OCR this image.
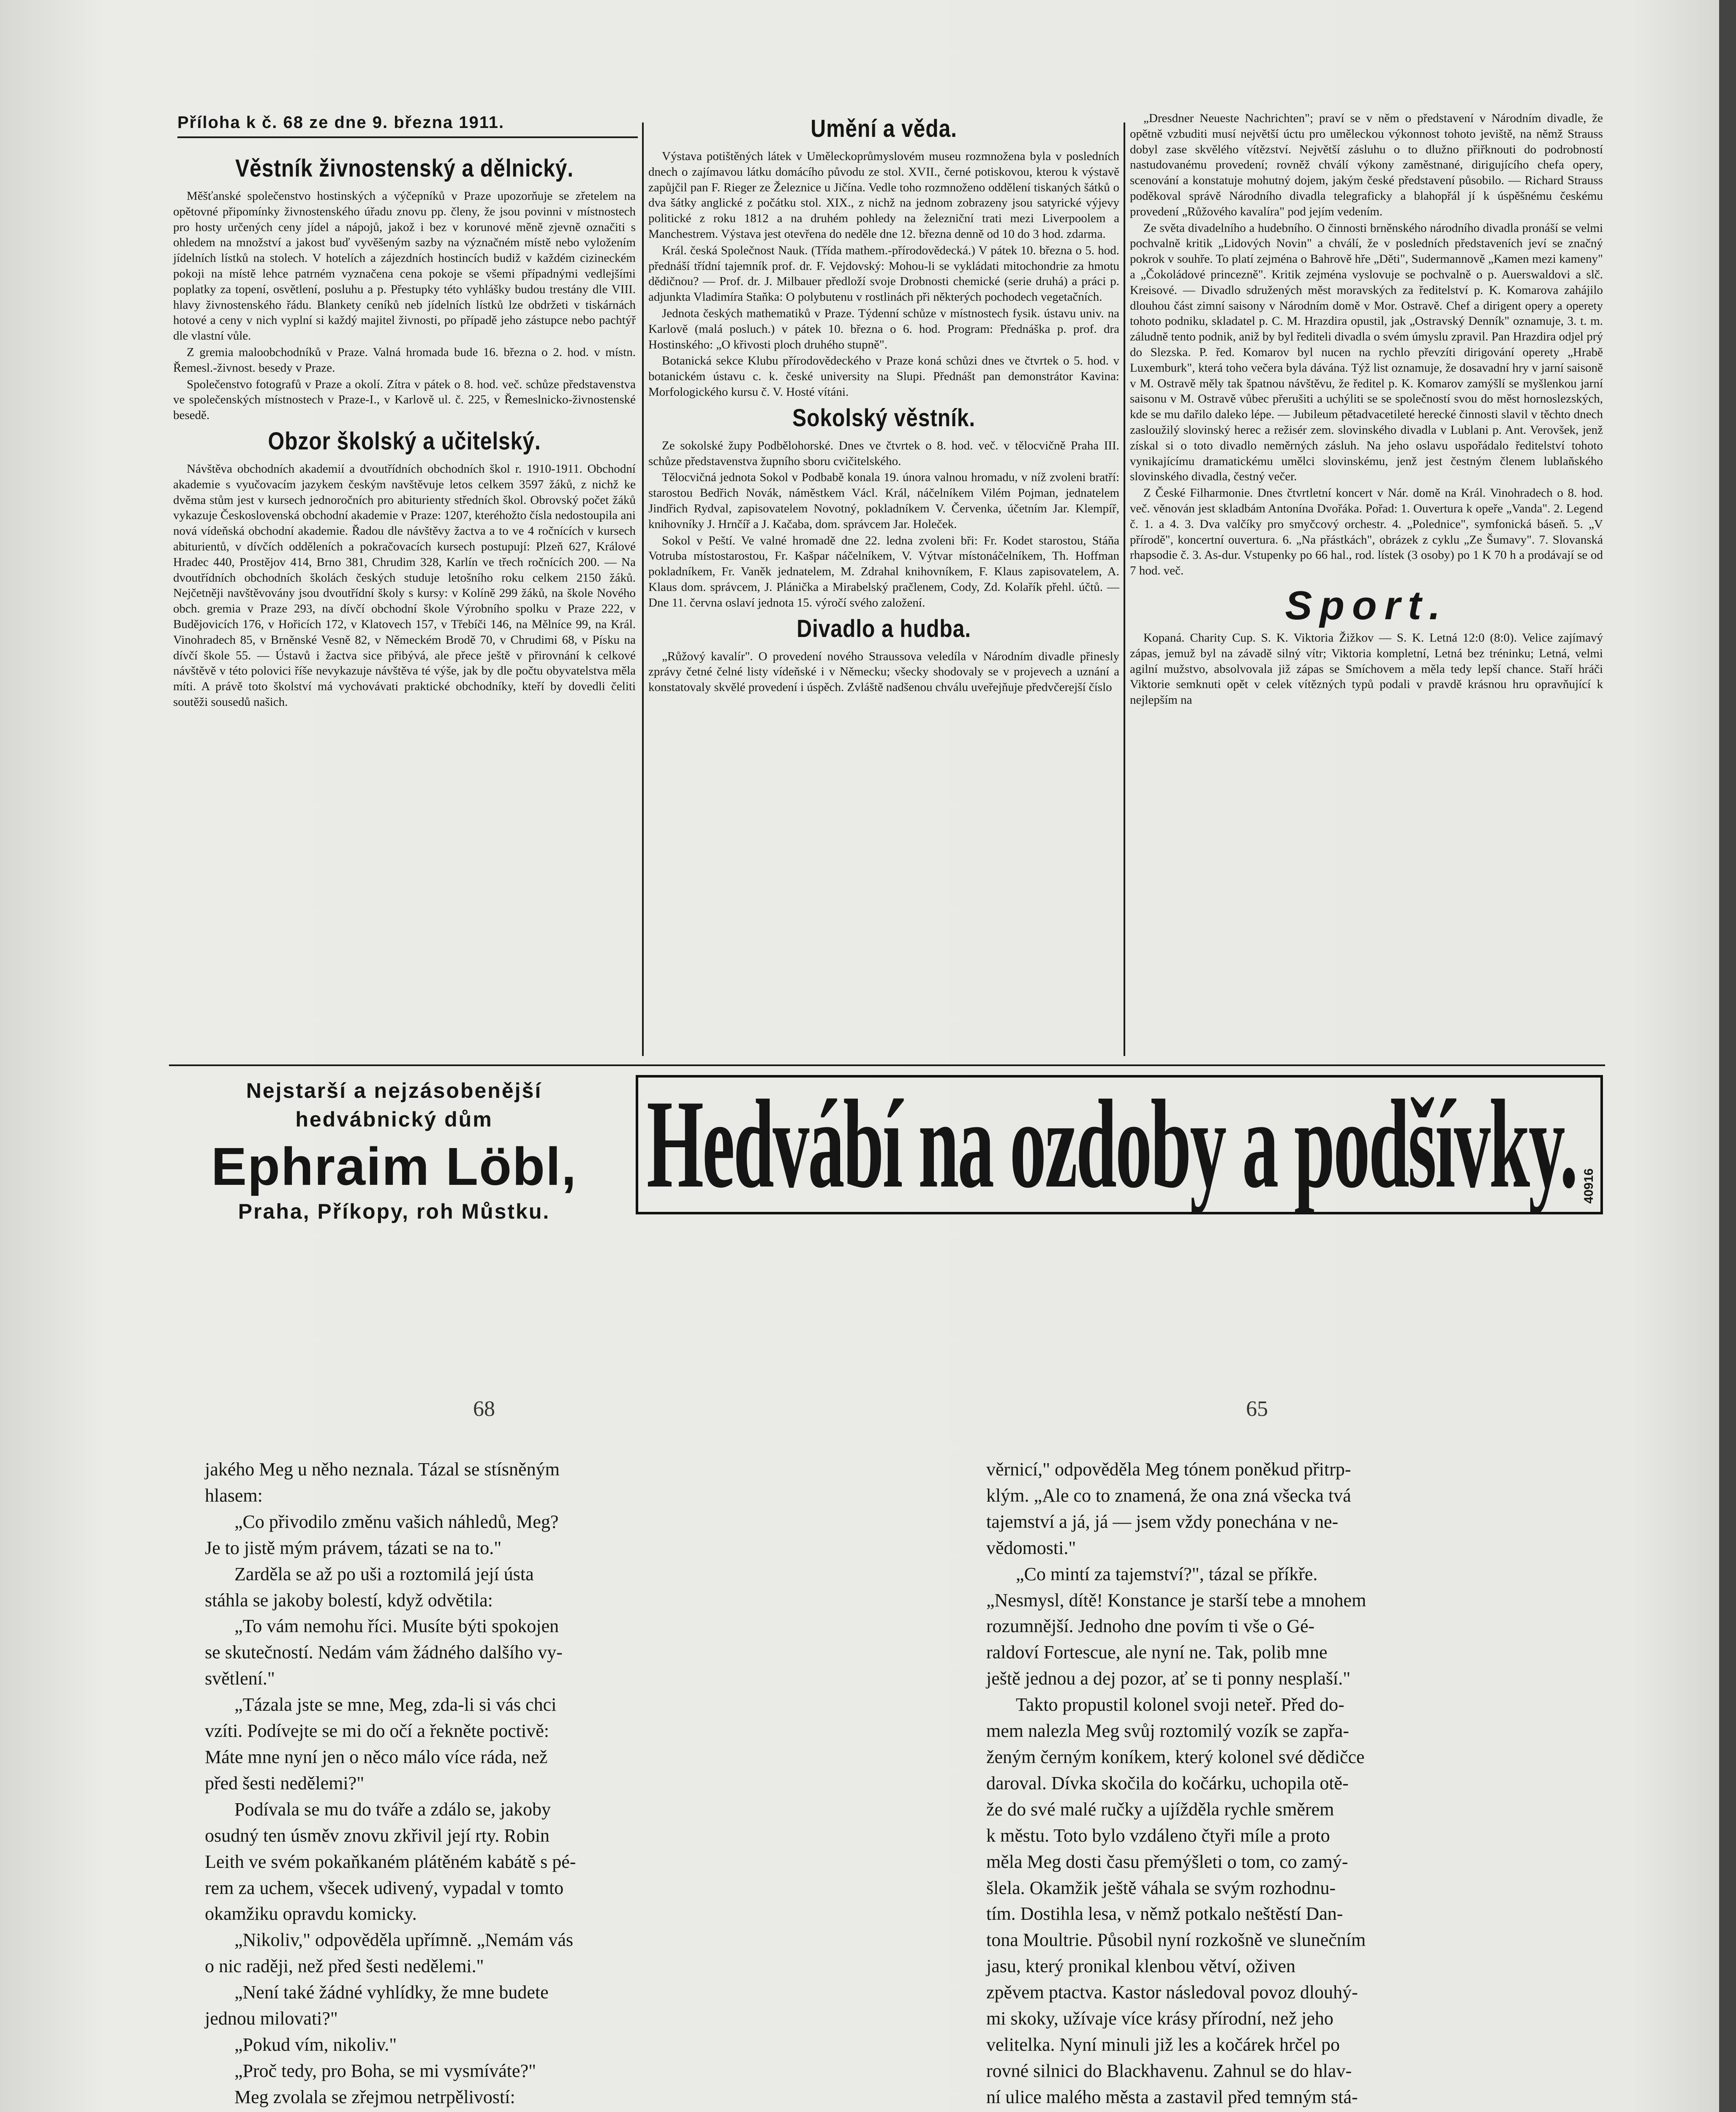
Příloha k č. 68 ze dne 9. března 1911.
Věstník živnostenský a dělnický.

Měšťanské společenstvo hostinských a výčepníků v Praze upozorňuje se zřetelem na opětovné připomínky živnostenského úřadu znovu pp. členy, že jsou povinni v místnostech pro hosty určených ceny jídel a nápojů, jakož i bez v korunové měně zjevně označiti s ohledem na množství a jakost buď vyvěšeným sazby na význačném místě nebo vyložením jídelních lístků na stolech. V hotelích a zájezdních hostincích budiž v každém cizineckém pokoji na místě lehce patrném vyznačena cena pokoje se všemi případnými vedlejšími poplatky za topení, osvětlení, posluhu a p. Přestupky této vyhlášky budou trestány dle VIII. hlavy živnostenského řádu. Blankety ceníků neb jídelních lístků lze obdržeti v tiskárnách hotové a ceny v nich vyplní si každý majitel živnosti, po případě jeho zástupce nebo pachtýř dle vlastní vůle.

Z gremia maloobchodníků v Praze. Valná hromada bude 16. března o 2. hod. v místn. Řemesl.-živnost. besedy v Praze.

Společenstvo fotografů v Praze a okolí. Zítra v pátek o 8. hod. več. schůze představenstva ve společenských místnostech v Praze-I., v Karlově ul. č. 225, v Řemeslnicko-živnostenské besedě.

Obzor školský a učitelský.

Návštěva obchodních akademií a dvoutřídních obchodních škol r. 1910-1911. Obchodní akademie s vyučovacím jazykem českým navštěvuje letos celkem 3597 žáků, z nichž ke dvěma stům jest v kursech jednoročních pro abiturienty středních škol. Obrovský počet žáků vykazuje Československá obchodní akademie v Praze: 1207, kteréhožto čísla nedostoupila ani nová vídeňská obchodní akademie. Řadou dle návštěvy žactva a to ve 4 ročnících v kursech abiturientů, v dívčích odděleních a pokračovacích kursech postupují: Plzeň 627, Králové Hradec 440, Prostějov 414, Brno 381, Chrudim 328, Karlín ve třech ročnících 200. — Na dvoutřídních obchodních školách českých studuje letošního roku celkem 2150 žáků. Nejčetněji navštěvovány jsou dvoutřídní školy s kursy: v Kolíně 299 žáků, na škole Nového obch. gremia v Praze 293, na dívčí obchodní škole Výrobního spolku v Praze 222, v Budějovicích 176, v Hořicích 172, v Klatovech 157, v Třebíči 146, na Mělníce 99, na Král. Vinohradech 85, v Brněnské Vesně 82, v Německém Brodě 70, v Chrudimi 68, v Písku na dívčí škole 55. — Ústavů i žactva sice přibývá, ale přece ještě v přirovnání k celkové návštěvě v této polovici říše nevykazuje návštěva té výše, jak by dle počtu obyvatelstva měla míti. A právě toto školství má vychovávati praktické obchodníky, kteří by dovedli čeliti soutěži sousedů našich.

Umění a věda.

Výstava potištěných látek v Uměleckoprůmyslovém museu rozmnožena byla v posledních dnech o zajímavou látku domácího původu ze stol. XVII., černé potiskovou, kterou k výstavě zapůjčil pan F. Rieger ze Železnice u Jičína. Vedle toho rozmnoženo oddělení tiskaných šátků o dva šátky anglické z počátku stol. XIX., z nichž na jednom zobrazeny jsou satyrické výjevy politické z roku 1812 a na druhém pohledy na železniční trati mezi Liverpoolem a Manchestrem. Výstava jest otevřena do neděle dne 12. března denně od 10 do 3 hod. zdarma.

Král. česká Společnost Nauk. (Třída mathem.-přírodovědecká.) V pátek 10. března o 5. hod. přednáší třídní tajemník prof. dr. F. Vejdovský: Mohou-li se vykládati mitochondrie za hmotu dědičnou? — Prof. dr. J. Milbauer předloží svoje Drobnosti chemické (serie druhá) a práci p. adjunkta Vladimíra Staňka: O polybutenu v rostlinách při některých pochodech vegetačních.

Jednota českých mathematiků v Praze. Týdenní schůze v místnostech fysik. ústavu univ. na Karlově (malá posluch.) v pátek 10. března o 6. hod. Program: Přednáška p. prof. dra Hostinského: „O křivosti ploch druhého stupně".

Botanická sekce Klubu přírodovědeckého v Praze koná schůzi dnes ve čtvrtek o 5. hod. v botanickém ústavu c. k. české university na Slupi. Přednášt pan demonstrátor Kavina: Morfologického kursu č. V. Hosté vítáni.

Sokolský věstník.

Ze sokolské župy Podbělohorské. Dnes ve čtvrtek o 8. hod. več. v tělocvičně Praha III. schůze představenstva župního sboru cvičitelského.

Tělocvičná jednota Sokol v Podbabě konala 19. února valnou hromadu, v níž zvoleni bratří: starostou Bedřich Novák, náměstkem Václ. Král, náčelníkem Vilém Pojman, jednatelem Jindřich Rydval, zapisovatelem Novotný, pokladníkem V. Červenka, účetním Jar. Klempíř, knihovníky J. Hrnčíř a J. Kačaba, dom. správcem Jar. Holeček.

Sokol v Peští. Ve valné hromadě dne 22. ledna zvoleni bři: Fr. Kodet starostou, Stáňa Votruba místostarostou, Fr. Kašpar náčelníkem, V. Výtvar místonáčelníkem, Th. Hoffman pokladníkem, Fr. Vaněk jednatelem, M. Zdrahal knihovníkem, F. Klaus zapisovatelem, A. Klaus dom. správcem, J. Plánička a Mirabelský pračlenem, Cody, Zd. Kolařík přehl. účtů. — Dne 11. června oslaví jednota 15. výročí svého založení.

Divadlo a hudba.

„Růžový kavalír". O provedení nového Straussova veledíla v Národním divadle přinesly zprávy četné čelné listy vídeňské i v Německu; všecky shodovaly se v projevech a uznání a konstatovaly skvělé provedení i úspěch. Zvláště nadšenou chválu uveřejňuje předvčerejší číslo

„Dresdner Neueste Nachrichten"; praví se v něm o představení v Národním divadle, že opětně vzbuditi musí největší úctu pro uměleckou výkonnost tohoto jeviště, na němž Strauss dobyl zase skvělého vítězství. Největší zásluhu o to dlužno přiřknouti do podrobností nastudovanému provedení; rovněž chválí výkony zaměstnané, dirigujícího chefa opery, scenování a konstatuje mohutný dojem, jakým české představení působilo. — Richard Strauss poděkoval správě Národního divadla telegraficky a blahopřál jí k úspěšnému českému provedení „Růžového kavalíra" pod jejím vedením.

Ze světa divadelního a hudebního. O činnosti brněnského národního divadla pronáší se velmi pochvalně kritik „Lidových Novin" a chválí, že v posledních představeních jeví se značný pokrok v souhře. To platí zejména o Bahrově hře „Děti", Sudermannově „Kamen mezi kameny" a „Čokoládové princezně". Kritik zejména vyslovuje se pochvalně o p. Auerswaldovi a slč. Kreisové. — Divadlo sdružených měst moravských za ředitelství p. K. Komarova zahájilo dlouhou část zimní saisony v Národním domě v Mor. Ostravě. Chef a dirigent opery a operety tohoto podniku, skladatel p. C. M. Hrazdira opustil, jak „Ostravský Denník" oznamuje, 3. t. m. záludně tento podnik, aniž by byl řediteli divadla o svém úmyslu zpravil. Pan Hrazdira odjel prý do Slezska. P. řed. Komarov byl nucen na rychlo převzíti dirigování operety „Hrabě Luxemburk", která toho večera byla dávána. Týž list oznamuje, že dosavadní hry v jarní saisoně v M. Ostravě měly tak špatnou návštěvu, že ředitel p. K. Komarov zamýšlí se myšlenkou jarní saisonu v M. Ostravě vůbec přerušiti a uchýliti se se společností svou do měst hornoslezských, kde se mu dařilo daleko lépe. — Jubileum pětadvacetileté herecké činnosti slavil v těchto dnech zasloužilý slovinský herec a režisér zem. slovinského divadla v Lublani p. Ant. Verovšek, jenž získal si o toto divadlo neměrných zásluh. Na jeho oslavu uspořádalo ředitelství tohoto vynikajícímu dramatickému umělci slovinskému, jenž jest čestným členem lublaňského slovinského divadla, čestný večer.

Z České Filharmonie. Dnes čtvrtletní koncert v Nár. domě na Král. Vinohradech o 8. hod. več. věnován jest skladbám Antonína Dvořáka. Pořad: 1. Ouvertura k opeře „Vanda". 2. Legend č. 1. a 4. 3. Dva valčíky pro smyčcový orchestr. 4. „Polednice", symfonická báseň. 5. „V přírodě", koncertní ouvertura. 6. „Na přástkách", obrázek z cyklu „Ze Šumavy". 7. Slovanská rhapsodie č. 3. As-dur. Vstupenky po 66 hal., rod. lístek (3 osoby) po 1 K 70 h a prodávají se od 7 hod. več.

Sport.

Kopaná. Charity Cup. S. K. Viktoria Žižkov — S. K. Letná 12:0 (8:0). Velice zajímavý zápas, jemuž byl na závadě silný vítr; Viktoria kompletní, Letná bez tréninku; Letná, velmi agilní mužstvo, absolvovala již zápas se Smíchovem a měla tedy lepší chance. Staří hráči Viktorie semknuti opět v celek vítězných typů podali v pravdě krásnou hru opravňující k nejlepším na

Nejstarší a nejzásobenější
hedvábnický dům
Ephraim Löbl,
Praha, Příkopy, roh Můstku. Hedvábí na ozdoby a podšívky. 40916
68	65
jakého Meg u něho neznala. Tázal se stísněným
hlasem:
„Co přivodilo změnu vašich náhledů, Meg?
Je to jistě mým právem, tázati se na to."
Zarděla se až po uši a roztomilá její ústa
stáhla se jakoby bolestí, když odvětila:
„To vám nemohu říci. Musíte býti spokojen
se skutečností. Nedám vám žádného dalšího vy-
světlení."
„Tázala jste se mne, Meg, zda-li si vás chci
vzíti. Podívejte se mi do očí a řekněte poctivě:
Máte mne nyní jen o něco málo více ráda, než
před šesti nedělemi?"
Podívala se mu do tváře a zdálo se, jakoby
osudný ten úsměv znovu zkřivil její rty. Robin
Leith ve svém pokaňkaném plátěném kabátě s pé-
rem za uchem, všecek udivený, vypadal v tomto
okamžiku opravdu komicky.
„Nikoliv," odpověděla upřímně. „Nemám vás
o nic raději, než před šesti nedělemi."
„Není také žádné vyhlídky, že mne budete
jednou milovati?"
„Pokud vím, nikoliv."
„Proč tedy, pro Boha, se mi vysmíváte?"
Meg zvolala se zřejmou netrpělivostí:
věrnicí," odpověděla Meg tónem poněkud přitrp-
klým. „Ale co to znamená, že ona zná všecka tvá
tajemství a já, já — jsem vždy ponechána v ne-
vědomosti."
„Co mintí za tajemství?", tázal se příkře.
„Nesmysl, dítě! Konstance je starší tebe a mnohem
rozumnější. Jednoho dne povím ti vše o Gé-
raldoví Fortescue, ale nyní ne. Tak, polib mne
ještě jednou a dej pozor, ať se ti ponny nesplaší."
Takto propustil kolonel svoji neteř. Před do-
mem nalezla Meg svůj roztomilý vozík se zapřa-
ženým černým koníkem, který kolonel své dědičce
daroval. Dívka skočila do kočárku, uchopila otě-
že do své malé ručky a ujížděla rychle směrem
k městu. Toto bylo vzdáleno čtyři míle a proto
měla Meg dosti času přemýšleti o tom, co zamý-
šlela. Okamžik ještě váhala se svým rozhodnu-
tím. Dostihla lesa, v němž potkalo neštěstí Dan-
tona Moultrie. Působil nyní rozkošně ve slunečním
jasu, který pronikal klenbou větví, oživen
zpěvem ptactva. Kastor následoval povoz dlouhý-
mi skoky, užívaje více krásy přírodní, než jeho
velitelka. Nyní minuli již les a kočárek hrčel po
rovné silnici do Blackhavenu. Zahnul se do hlav-
ní ulice malého města a zastavil před temným stá-
